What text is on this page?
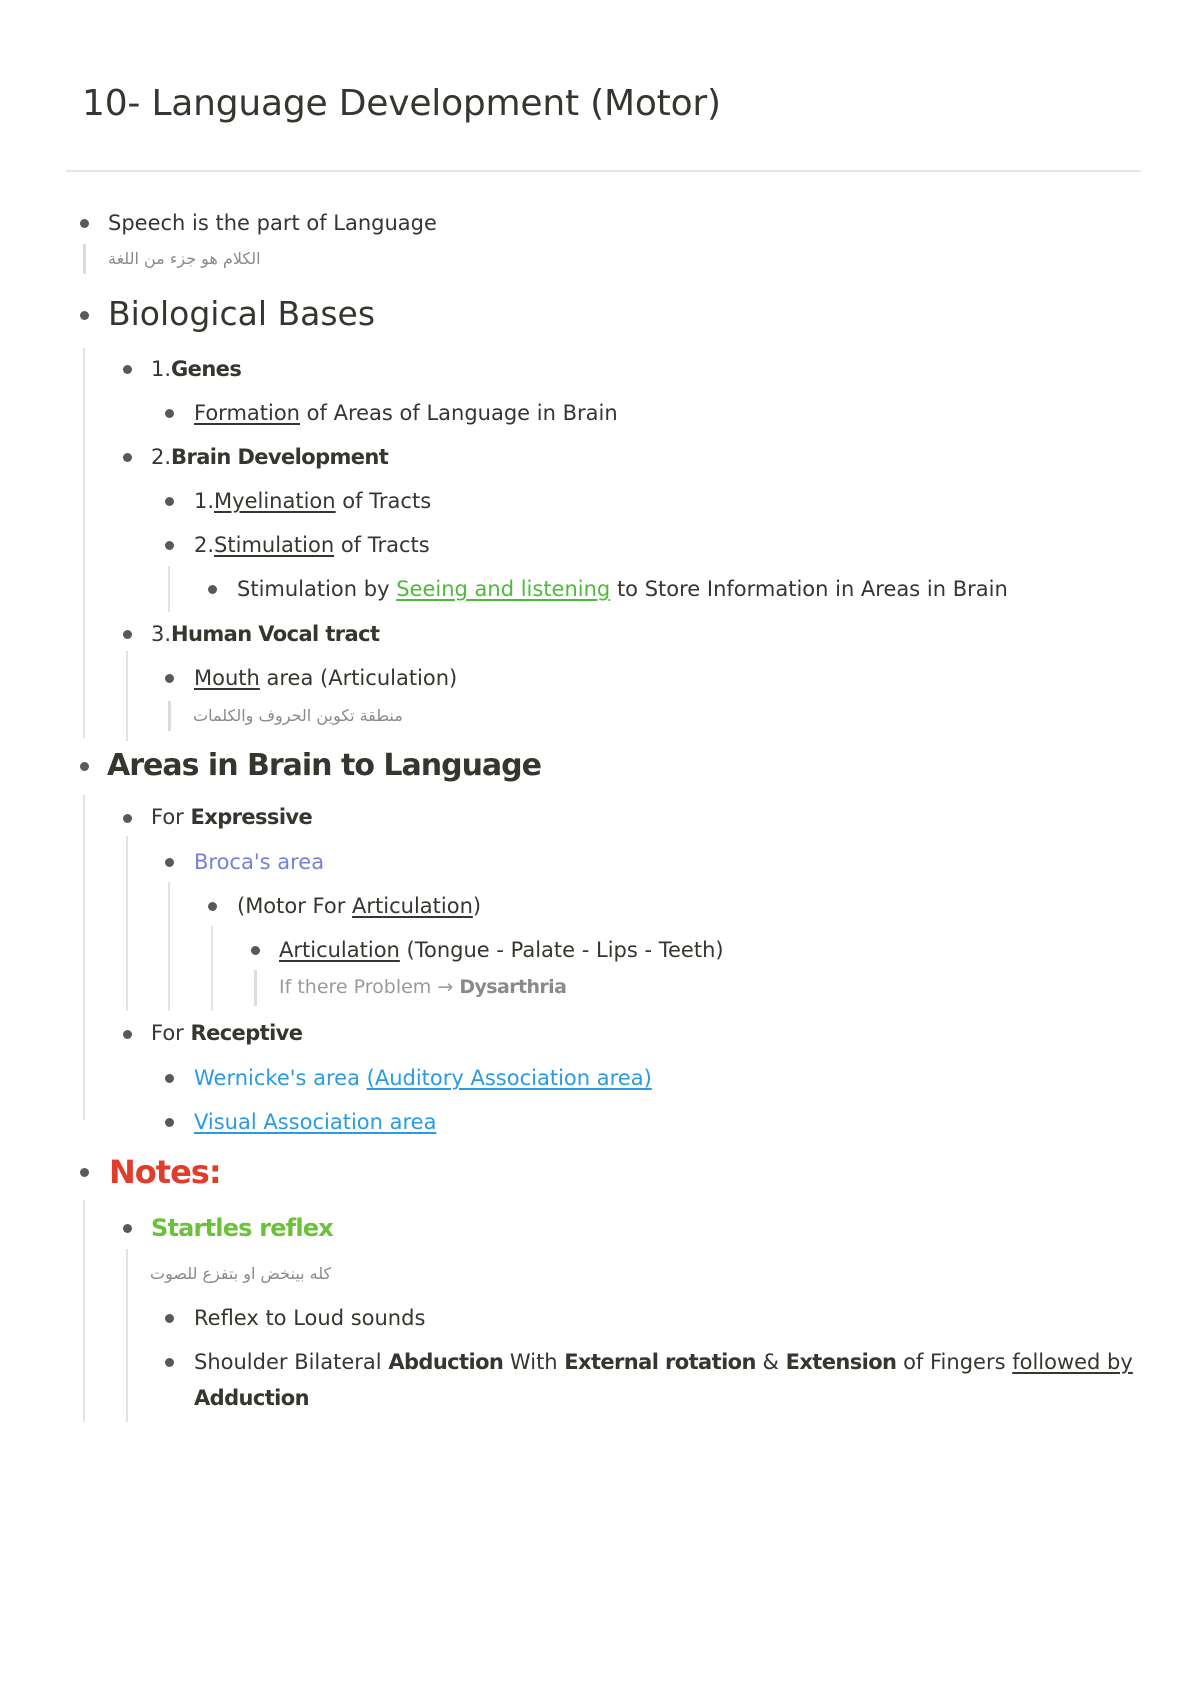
10- Language Development (Motor)
Speech is the part of Language
الكلام هو جزء من اللغة
Biological Bases
1.Genes
Formation of Areas of Language in Brain
2.Brain Development
1.Myelination of Tracts
2.Stimulation of Tracts
Stimulation by Seeing and listening to Store Information in Areas in Brain
3.Human Vocal tract
Mouth area (Articulation)
منطقة تكوين الحروف والكلمات
Areas in Brain to Language
For Expressive
Broca's area
(Motor For Articulation)
Articulation (Tongue - Palate - Lips - Teeth)
If there Problem → Dysarthria
For Receptive
Wernicke's area (Auditory Association area)
Visual Association area
Notes:
Startles reflex
كله بينخض او بتفزع للصوت
Reflex to Loud sounds
Shoulder Bilateral Abduction With External rotation & Extension of Fingers followed by
Adduction
